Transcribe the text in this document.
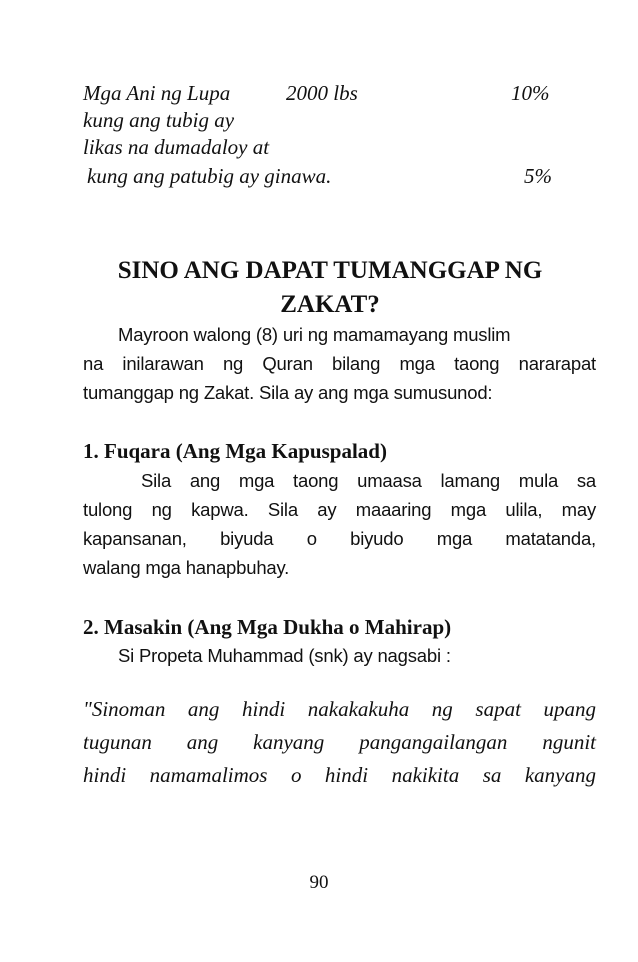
Mga Ani ng Lupa	2000 lbs	10%
kung ang tubig ay
likas na dumadaloy at
kung ang patubig ay ginawa.	5%
SINO ANG DAPAT TUMANGGAP NG
ZAKAT?
Mayroon walong (8) uri ng mamamayang muslim
na inilarawan ng Quran bilang mga taong nararapat
tumanggap ng Zakat. Sila ay ang mga sumusunod:
1. Fuqara (Ang Mga Kapuspalad)
Sila ang mga taong umaasa lamang mula sa
tulong ng kapwa. Sila ay maaaring mga ulila, may
kapansanan, biyuda o biyudo mga matatanda,
walang mga hanapbuhay.
2. Masakin (Ang Mga Dukha o Mahirap)
Si Propeta Muhammad (snk) ay nagsabi :
"Sinoman ang hindi nakakakuha ng sapat upang
tugunan ang kanyang pangangailangan ngunit
hindi namamalimos o hindi nakikita sa kanyang
90
